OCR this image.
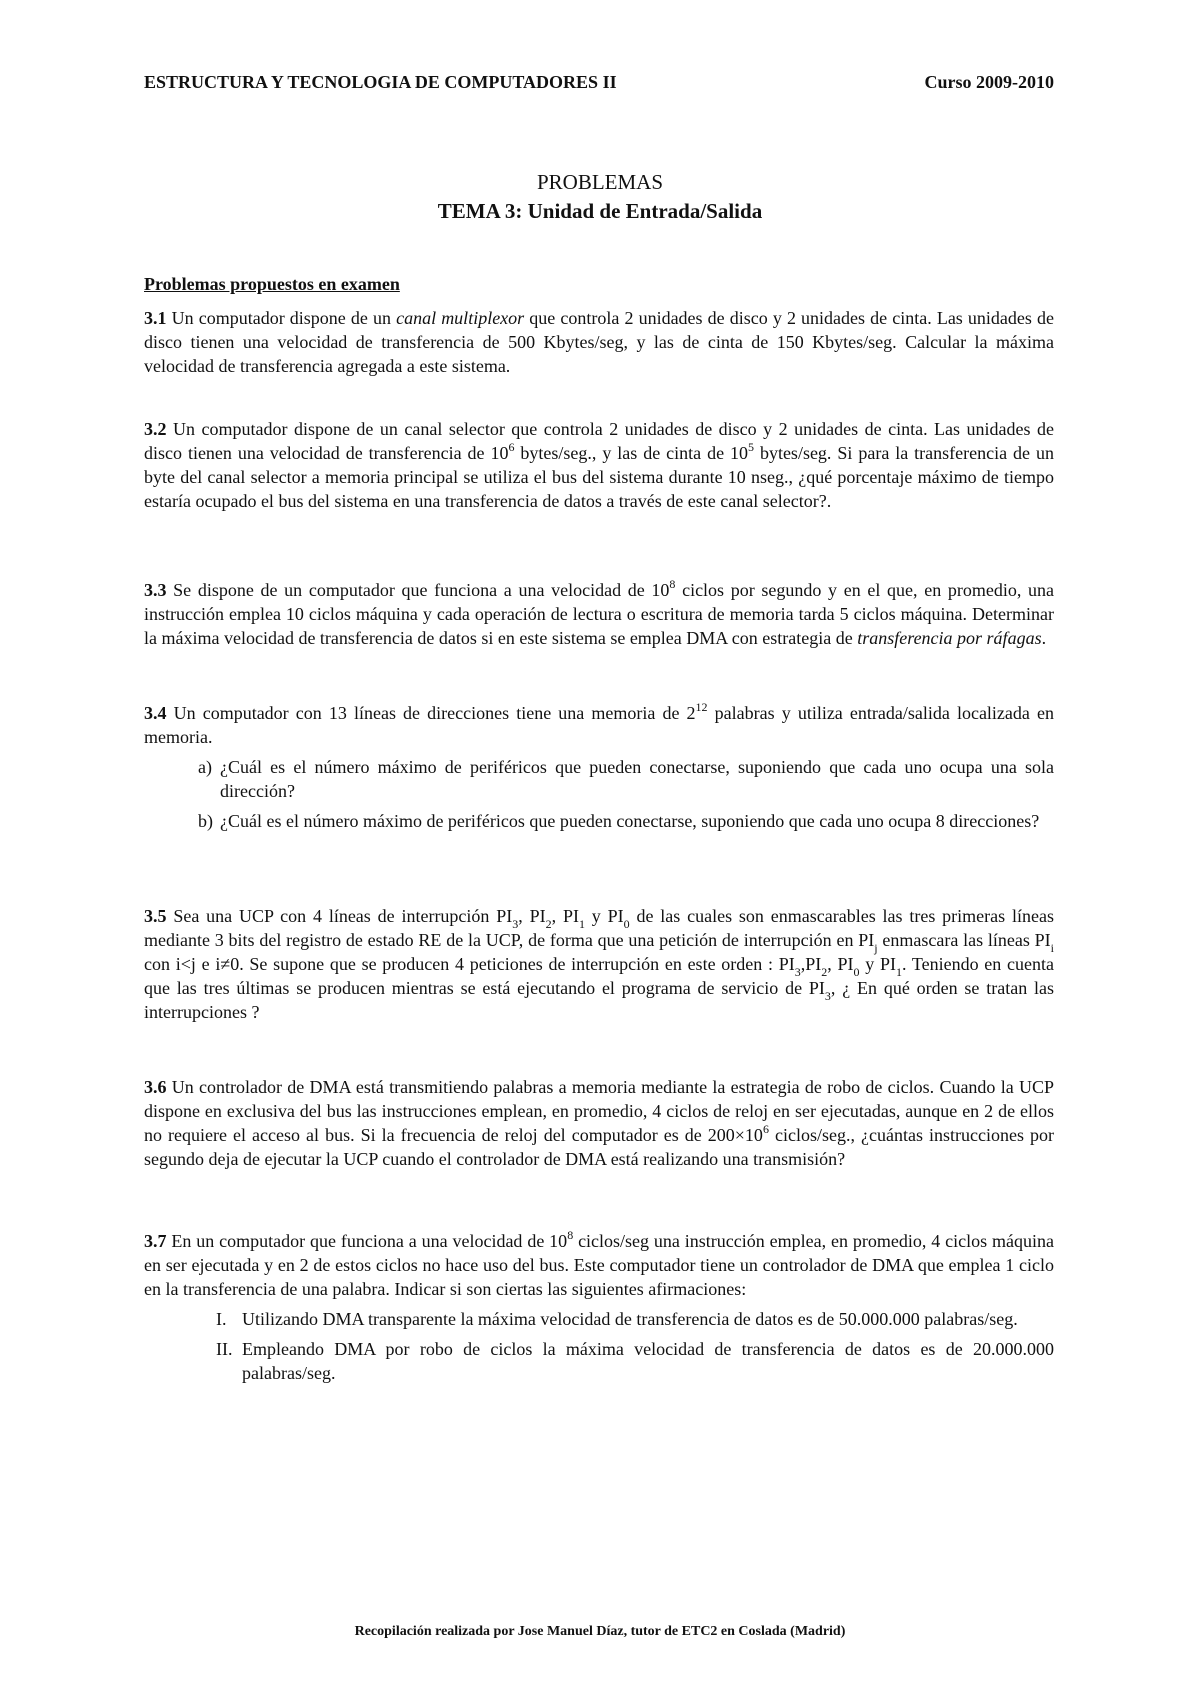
ESTRUCTURA Y TECNOLOGIA DE COMPUTADORES II	Curso 2009-2010
PROBLEMAS
TEMA 3: Unidad de Entrada/Salida
Problemas propuestos en examen

3.1 Un computador dispone de un canal multiplexor que controla 2 unidades de disco y 2 unidades de cinta. Las unidades de disco tienen una velocidad de transferencia de 500 Kbytes/seg, y las de cinta de 150 Kbytes/seg. Calcular la máxima velocidad de transferencia agregada a este sistema.

3.2 Un computador dispone de un canal selector que controla 2 unidades de disco y 2 unidades de cinta. Las unidades de disco tienen una velocidad de transferencia de $10^6$ bytes/seg., y las de cinta de $10^5$ bytes/seg. Si para la transferencia de un byte del canal selector a memoria principal se utiliza el bus del sistema durante 10 nseg., ¿qué porcentaje máximo de tiempo estaría ocupado el bus del sistema en una transferencia de datos a través de este canal selector?.

3.3 Se dispone de un computador que funciona a una velocidad de $10^8$ ciclos por segundo y en el que, en promedio, una instrucción emplea 10 ciclos máquina y cada operación de lectura o escritura de memoria tarda 5 ciclos máquina. Determinar la máxima velocidad de transferencia de datos si en este sistema se emplea DMA con estrategia de transferencia por ráfagas.

3.4 Un computador con 13 líneas de direcciones tiene una memoria de $2^{12}$ palabras y utiliza entrada/salida localizada en memoria.

a) ¿Cuál es el número máximo de periféricos que pueden conectarse, suponiendo que cada uno ocupa una sola dirección?
b) ¿Cuál es el número máximo de periféricos que pueden conectarse, suponiendo que cada uno ocupa 8 direcciones?

3.5 Sea una UCP con 4 líneas de interrupción $PI_3$, $PI_2$, $PI_1$ y $PI_0$ de las cuales son enmascarables las tres primeras líneas mediante 3 bits del registro de estado RE de la UCP, de forma que una petición de interrupción en $PI_j$ enmascara las líneas $PI_i$ con i<j e i≠0. Se supone que se producen 4 peticiones de interrupción en este orden : $PI_3,PI_2$, $PI_0$ y $PI_1$. Teniendo en cuenta que las tres últimas se producen mientras se está ejecutando el programa de servicio de $PI_3$, ¿ En qué orden se tratan las interrupciones ?

3.6 Un controlador de DMA está transmitiendo palabras a memoria mediante la estrategia de robo de ciclos. Cuando la UCP dispone en exclusiva del bus las instrucciones emplean, en promedio, 4 ciclos de reloj en ser ejecutadas, aunque en 2 de ellos no requiere el acceso al bus. Si la frecuencia de reloj del computador es de $200\times 10^6$ ciclos/seg., ¿cuántas instrucciones por segundo deja de ejecutar la UCP cuando el controlador de DMA está realizando una transmisión?

3.7 En un computador que funciona a una velocidad de $10^8$ ciclos/seg una instrucción emplea, en promedio, 4 ciclos máquina en ser ejecutada y en 2 de estos ciclos no hace uso del bus. Este computador tiene un controlador de DMA que emplea 1 ciclo en la transferencia de una palabra. Indicar si son ciertas las siguientes afirmaciones:

I. Utilizando DMA transparente la máxima velocidad de transferencia de datos es de 50.000.000 palabras/seg.
II. Empleando DMA por robo de ciclos la máxima velocidad de transferencia de datos es de 20.000.000 palabras/seg.
Recopilación realizada por Jose Manuel Díaz, tutor de ETC2 en Coslada (Madrid)
